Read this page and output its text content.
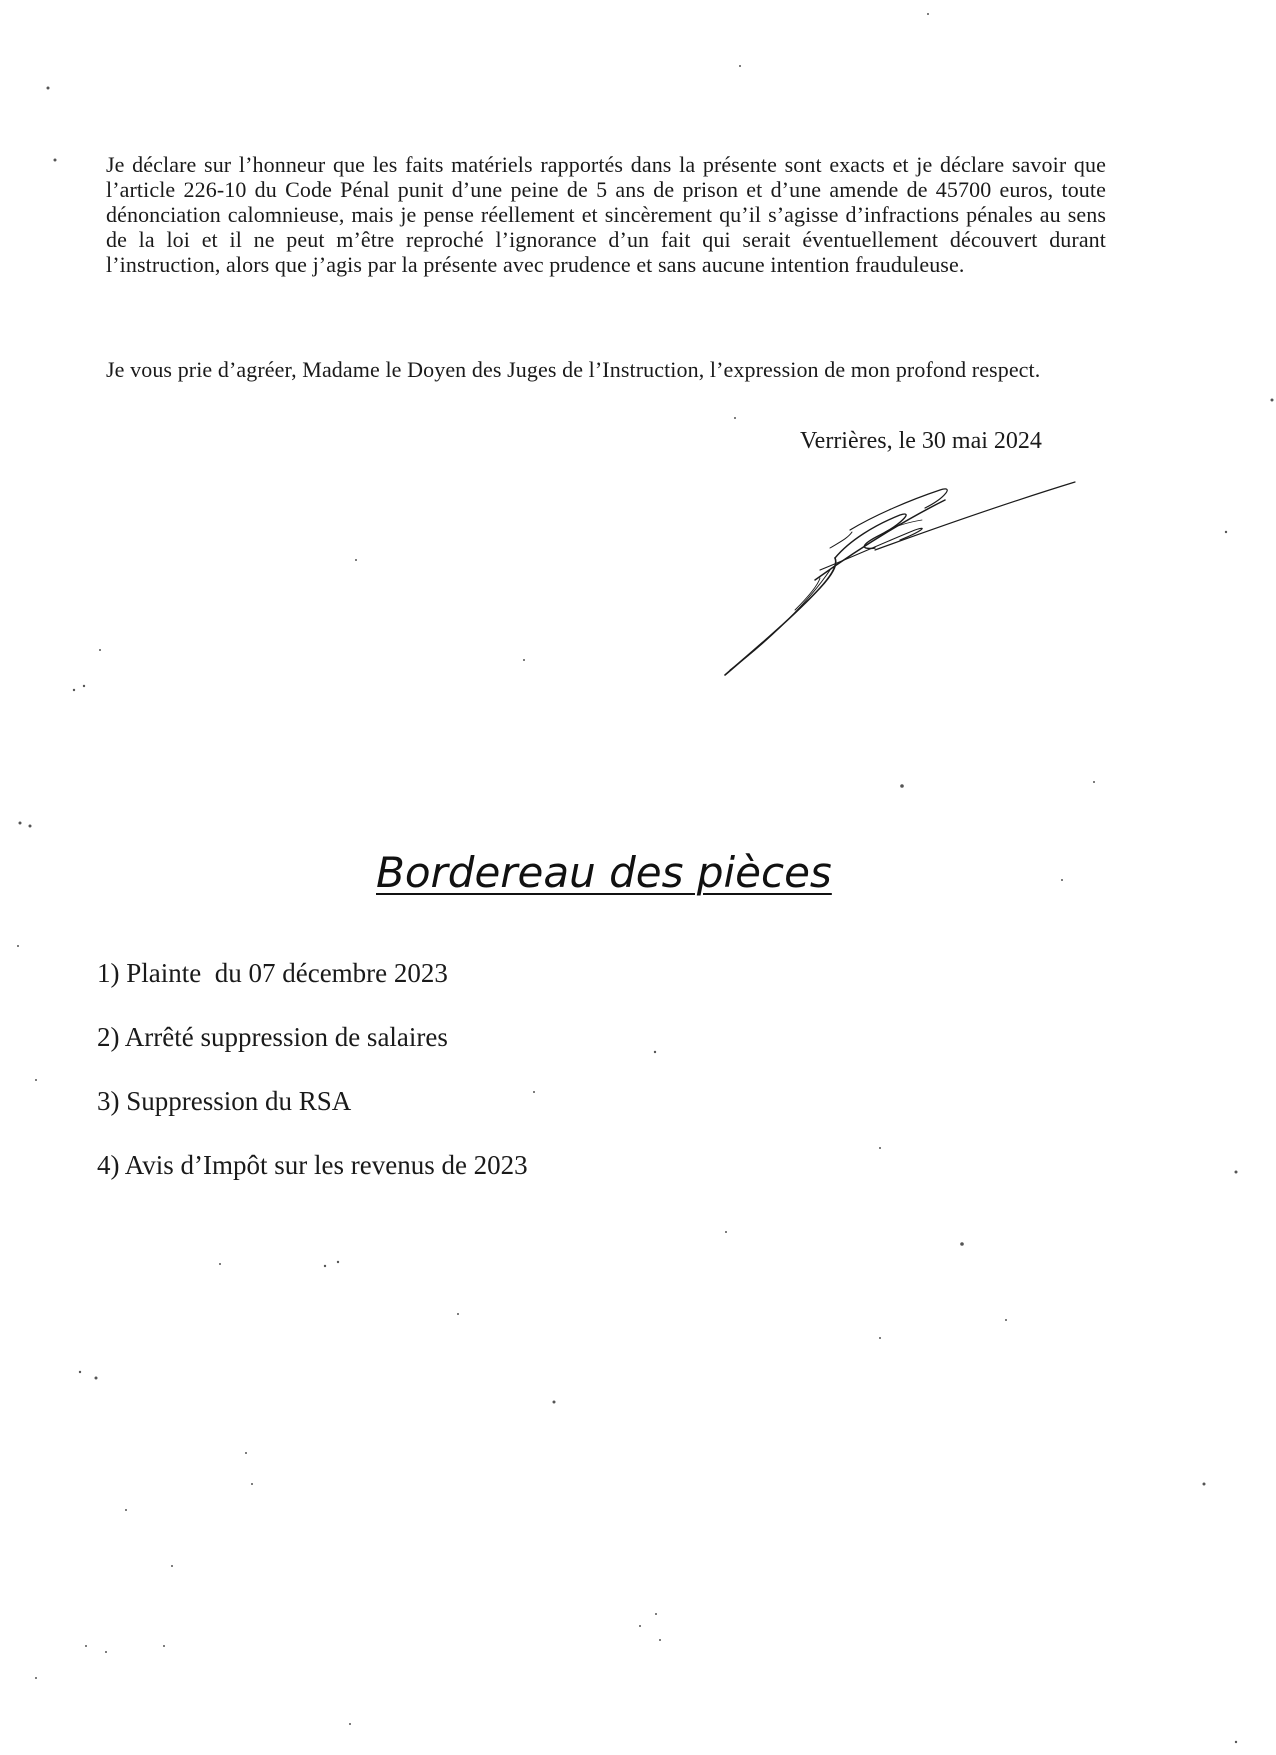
Je déclare sur l’honneur que les faits matériels rapportés dans la présente sont exacts et je déclare savoir que l’article 226-10 du Code Pénal punit d’une peine de 5 ans de prison et d’une amende de 45700 euros, toute dénonciation calomnieuse, mais je pense réellement et sincèrement qu’il s’agisse d’infractions pénales au sens de la loi et il ne peut m’être reproché l’ignorance d’un fait qui serait éventuellement découvert durant l’instruction, alors que j’agis par la présente avec prudence et sans aucune intention frauduleuse.

Je vous prie d’agréer, Madame le Doyen des Juges de l’Instruction, l’expression de mon profond respect.

Verrières, le 30 mai 2024
Bordereau des pièces
1) Plainte  du 07 décembre 2023
2) Arrêté suppression de salaires
3) Suppression du RSA
4) Avis d’Impôt sur les revenus de 2023
